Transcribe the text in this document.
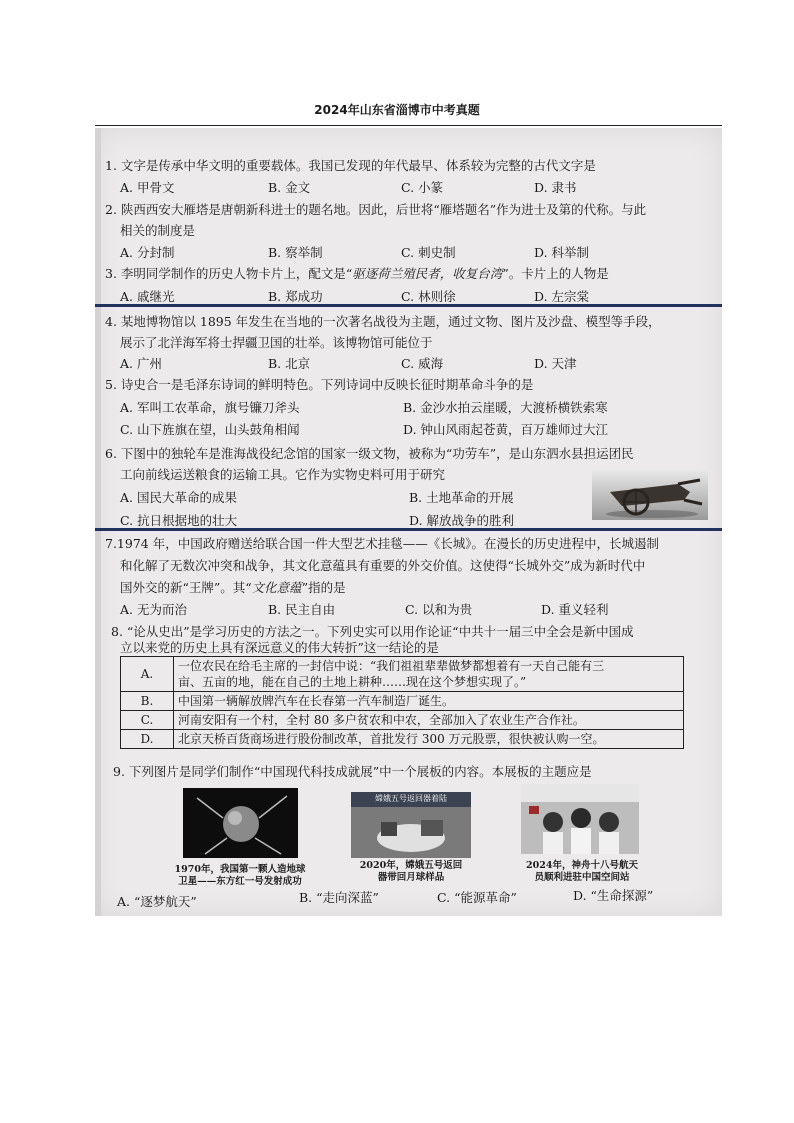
2024年山东省淄博市中考真题
1. 文字是传承中华文明的重要载体。我国已发现的年代最早、体系较为完整的古代文字是
A. 甲骨文	B. 金文	C. 小篆	D. 隶书
2. 陕西西安大雁塔是唐朝新科进士的题名地。因此，后世将“雁塔题名”作为进士及第的代称。与此
相关的制度是
A. 分封制	B. 察举制	C. 刺史制	D. 科举制
3. 李明同学制作的历史人物卡片上，配文是“驱逐荷兰殖民者，收复台湾”。卡片上的人物是
A. 戚继光	B. 郑成功	C. 林则徐	D. 左宗棠
4. 某地博物馆以 1895 年发生在当地的一次著名战役为主题，通过文物、图片及沙盘、模型等手段，
展示了北洋海军将士捍疆卫国的壮举。该博物馆可能位于
A. 广州	B. 北京	C. 威海	D. 天津
5. 诗史合一是毛泽东诗词的鲜明特色。下列诗词中反映长征时期革命斗争的是
A. 军叫工农革命，旗号镰刀斧头	B. 金沙水拍云崖暖，大渡桥横铁索寒
C. 山下旌旗在望，山头鼓角相闻	D. 钟山风雨起苍黄，百万雄师过大江
6. 下图中的独轮车是淮海战役纪念馆的国家一级文物，被称为“功劳车”，是山东泗水县担运团民
工向前线运送粮食的运输工具。它作为实物史料可用于研究
A. 国民大革命的成果	B. 土地革命的开展
C. 抗日根据地的壮大	D. 解放战争的胜利
7.1974 年，中国政府赠送给联合国一件大型艺术挂毯——《长城》。在漫长的历史进程中，长城遏制
和化解了无数次冲突和战争，其文化意蕴具有重要的外交价值。这使得“长城外交”成为新时代中
国外交的新“王牌”。其“文化意蕴”指的是
A. 无为而治	B. 民主自由	C. 以和为贵	D. 重义轻利
8. “论从史出”是学习历史的方法之一。下列史实可以用作论证“中共十一届三中全会是新中国成
立以来党的历史上具有深远意义的伟大转折”这一结论的是
A.	一位农民在给毛主席的一封信中说：“我们祖祖辈辈做梦都想着有一天自己能有三
亩、五亩的地，能在自己的土地上耕种……现在这个梦想实现了。”

B.	中国第一辆解放牌汽车在长春第一汽车制造厂诞生。
C.	河南安阳有一个村，全村 80 多户贫农和中农，全部加入了农业生产合作社。
D.	北京天桥百货商场进行股份制改革，首批发行 300 万元股票，很快被认购一空。
9. 下列图片是同学们制作“中国现代科技成就展”中一个展板的内容。本展板的主题应是
嫦娥五号返回器着陆
1970年，我国第一颗人造地球
卫星——东方红一号发射成功
2020年，嫦娥五号返回
器带回月球样品
2024年，神舟十八号航天
员顺利进驻中国空间站
A. “逐梦航天”	B. “走向深蓝”	C. “能源革命”	D. “生命探源”
